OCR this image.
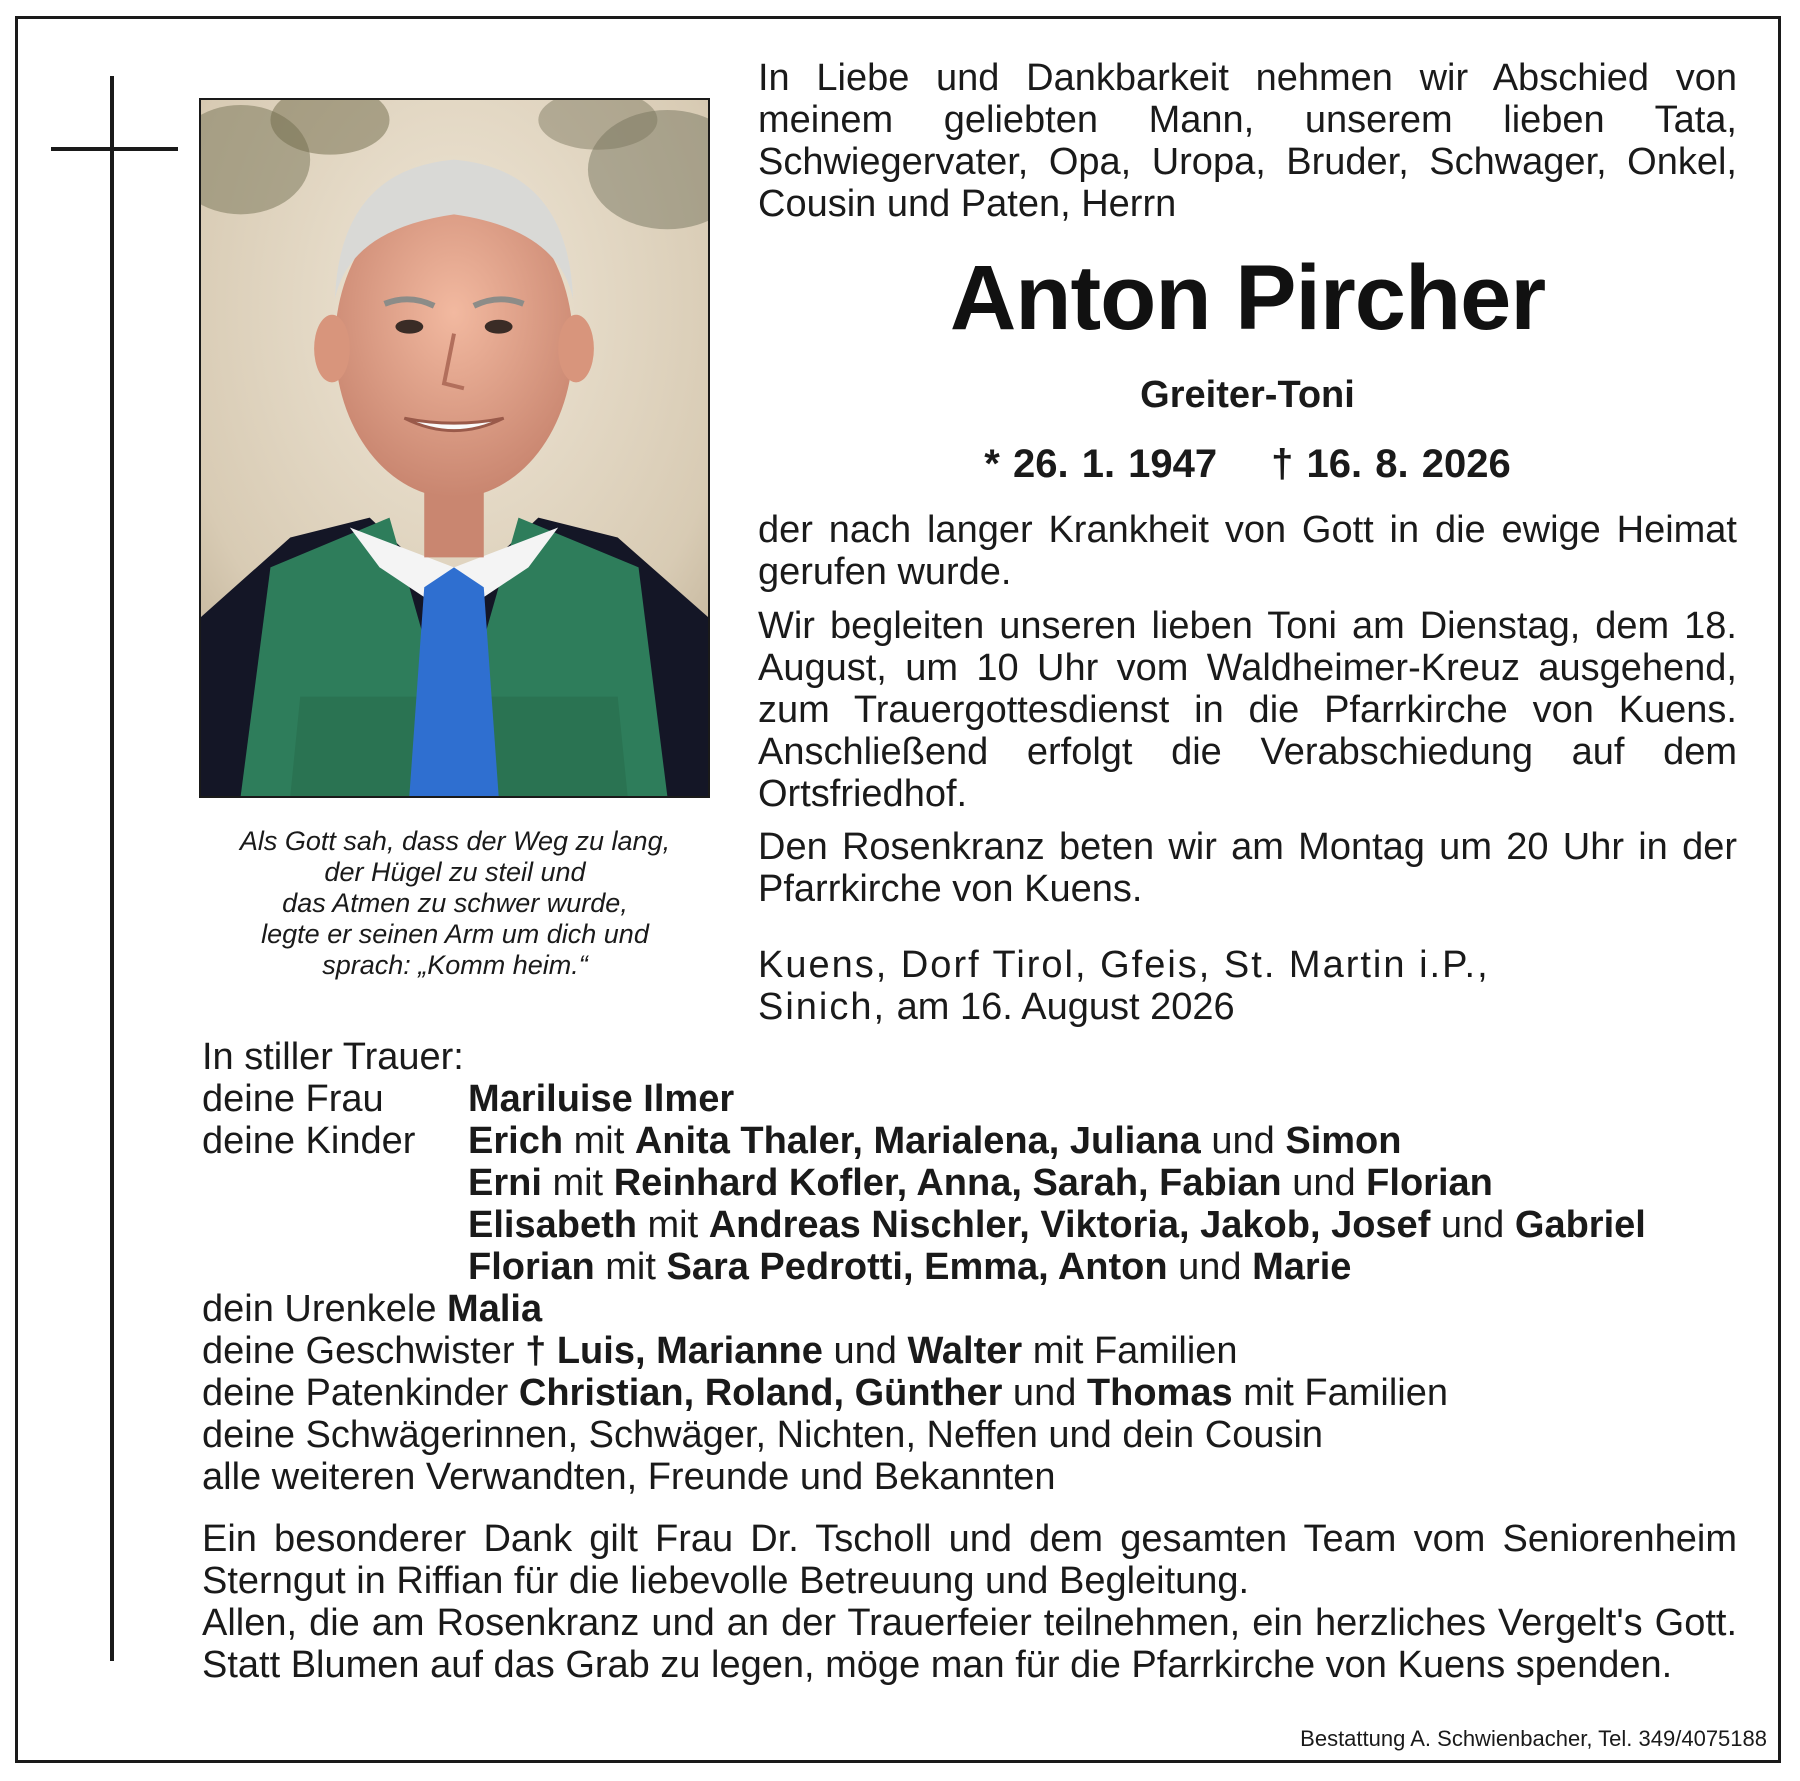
Als Gott sah, dass der Weg zu lang,
der Hügel zu steil und
das Atmen zu schwer wurde,
legte er seinen Arm um dich und
sprach: „Komm heim.“
In Liebe und Dankbarkeit nehmen wir Abschied von meinem geliebten Mann, unserem lieben Tata, Schwiegervater, Opa, Uropa, Bruder, Schwager, Onkel, Cousin und Paten, Herrn
Anton Pircher
Greiter-Toni
* 26. 1. 1947 † 16. 8. 2026
der nach langer Krankheit von Gott in die ewige Heimat gerufen wurde.
Wir begleiten unseren lieben Toni am Dienstag, dem 18. August, um 10 Uhr vom Waldheimer-Kreuz ausgehend, zum Trauergottesdienst in die Pfarrkirche von Kuens. Anschließend erfolgt die Verabschiedung auf dem Ortsfriedhof.
Den Rosenkranz beten wir am Montag um 20 Uhr in der Pfarrkirche von Kuens.
Kuens, Dorf Tirol, Gfeis, St. Martin i.P.,
Sinich, am 16. August 2026
In stiller Trauer:
deine Frau Mariluise Ilmer
deine Kinder Erich mit Anita Thaler, Marialena, Juliana und Simon
Erni mit Reinhard Kofler, Anna, Sarah, Fabian und Florian
Elisabeth mit Andreas Nischler, Viktoria, Jakob, Josef und Gabriel
Florian mit Sara Pedrotti, Emma, Anton und Marie
dein Urenkele Malia
deine Geschwister † Luis, Marianne und Walter mit Familien
deine Patenkinder Christian, Roland, Günther und Thomas mit Familien
deine Schwägerinnen, Schwäger, Nichten, Neffen und dein Cousin
alle weiteren Verwandten, Freunde und Bekannten
Ein besonderer Dank gilt Frau Dr. Tscholl und dem gesamten Team vom Seniorenheim Sterngut in Riffian für die liebevolle Betreuung und Begleitung.
Allen, die am Rosenkranz und an der Trauerfeier teilnehmen, ein herzliches Vergelt's Gott. Statt Blumen auf das Grab zu legen, möge man für die Pfarrkirche von Kuens spenden.
Bestattung A. Schwienbacher, Tel. 349/4075188
